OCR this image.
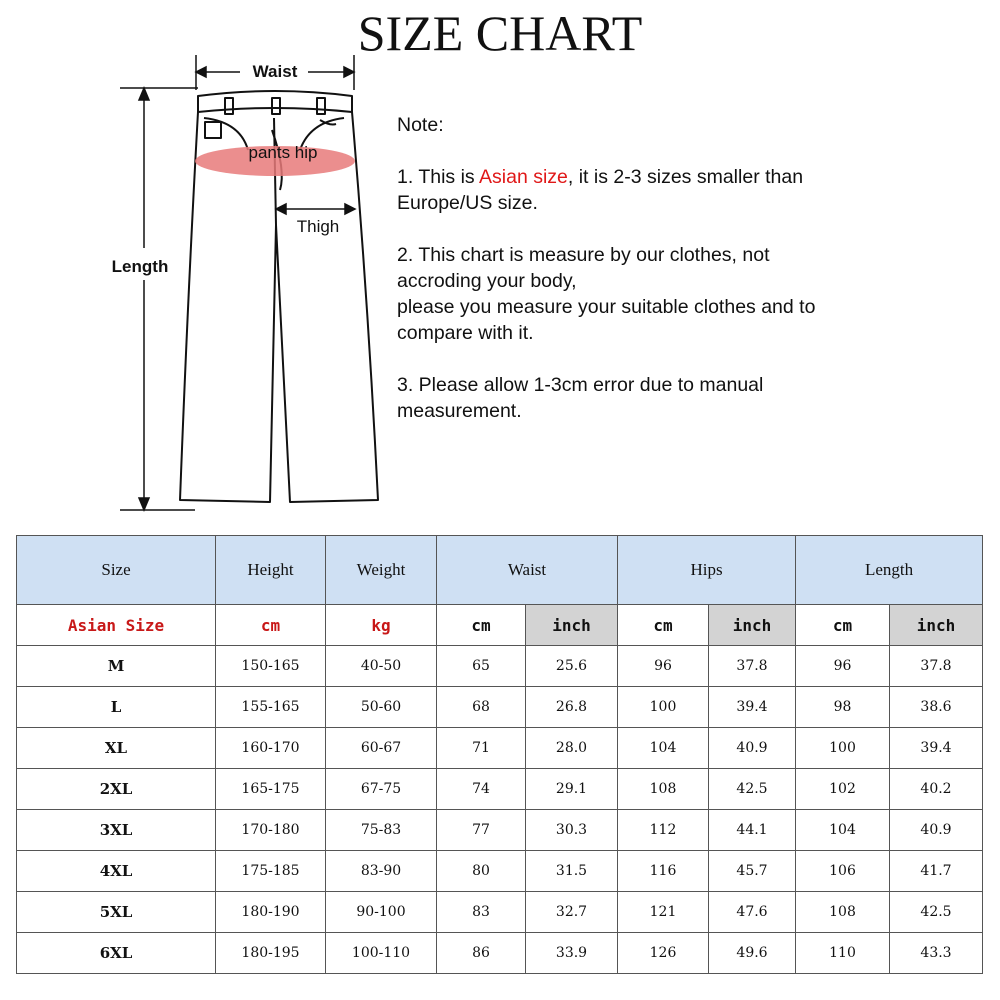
SIZE CHART
Waist
Length
pants hip
Thigh

Note:

1. This is Asian size, it is 2-3 sizes smaller than

Europe/US size.

2. This chart is measure by our clothes, not

accroding your body,

please you measure your suitable clothes and to

compare with it.

3. Please allow 1-3cm error due to manual

measurement.

Size	Height	Weight	Waist		Hips		Length	
Asian Size	cm	kg	cm	inch	cm	inch	cm	inch
M	150-165	40-50	65	25.6	96	37.8	96	37.8
L	155-165	50-60	68	26.8	100	39.4	98	38.6
XL	160-170	60-67	71	28.0	104	40.9	100	39.4
2XL	165-175	67-75	74	29.1	108	42.5	102	40.2
3XL	170-180	75-83	77	30.3	112	44.1	104	40.9
4XL	175-185	83-90	80	31.5	116	45.7	106	41.7
5XL	180-190	90-100	83	32.7	121	47.6	108	42.5
6XL	180-195	100-110	86	33.9	126	49.6	110	43.3
